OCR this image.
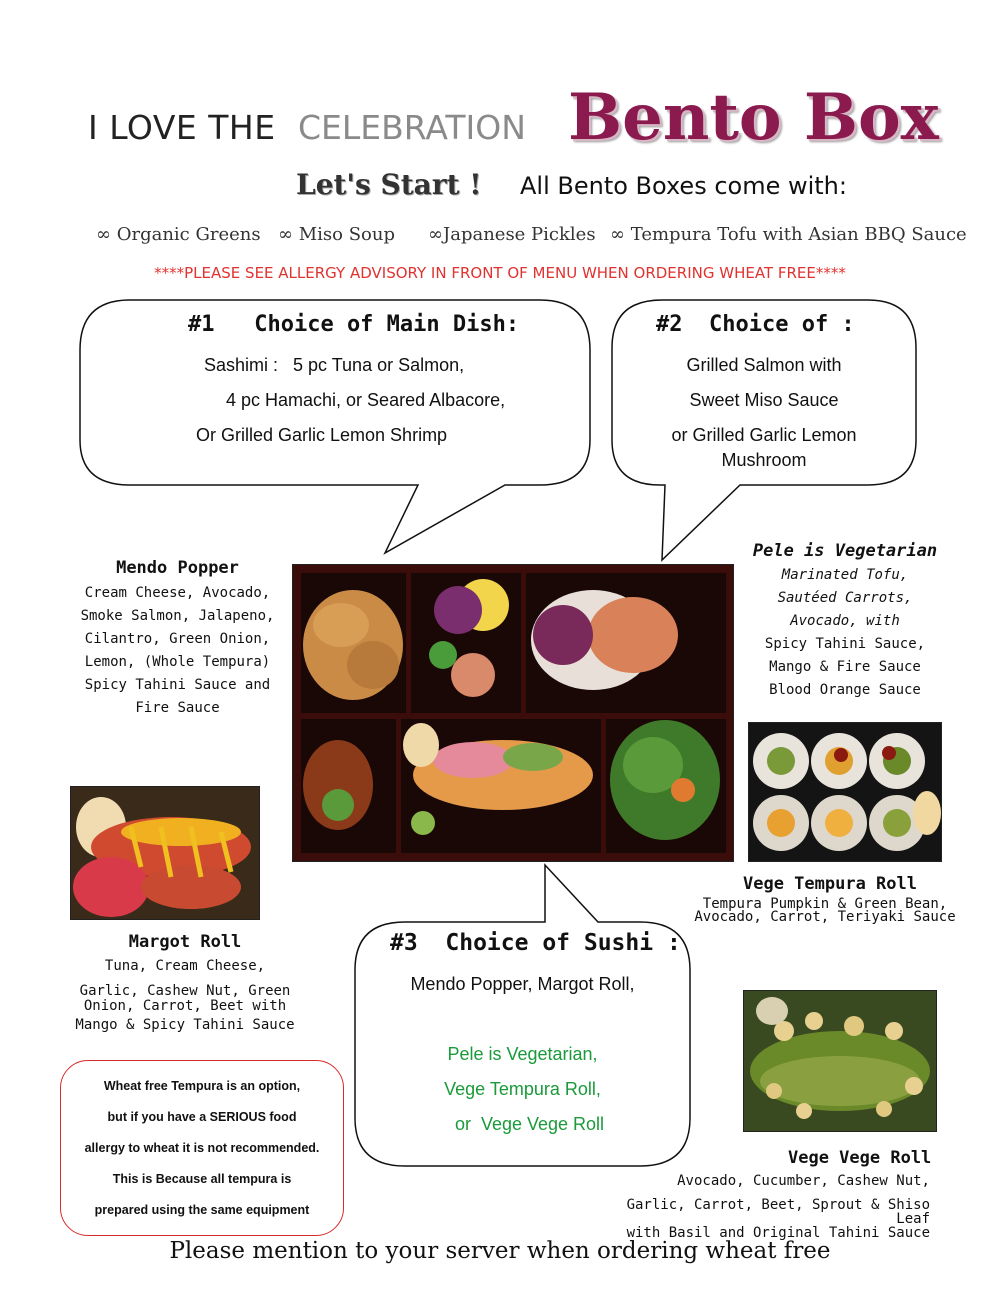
I LOVE THE CELEBRATION Bento Box
Let's Start ! All Bento Boxes come with:
∞ Organic Greens ∞ Miso Soup ∞Japanese Pickles ∞ Tempura Tofu with Asian BBQ Sauce
****PLEASE SEE ALLERGY ADVISORY IN FRONT OF MENU WHEN ORDERING WHEAT FREE****
#1   Choice of Main Dish:
Sashimi :   5 pc Tuna or Salmon,
4 pc Hamachi, or Seared Albacore,
Or Grilled Garlic Lemon Shrimp
#2  Choice of :
Grilled Salmon with
Sweet Miso Sauce
or Grilled Garlic Lemon
Mushroom
#3  Choice of Sushi :
Mendo Popper, Margot Roll,
Pele is Vegetarian,
Vege Tempura Roll,
or  Vege Vege Roll
Mendo Popper
Cream Cheese, Avocado,
Smoke Salmon, Jalapeno,
Cilantro, Green Onion,
Lemon, (Whole Tempura)
Spicy Tahini Sauce and
Fire Sauce
Pele is Vegetarian
Marinated Tofu,
Sautéed Carrots,
Avocado, with
Spicy Tahini Sauce,
Mango & Fire Sauce
Blood Orange Sauce
Vege Tempura Roll
Tempura Pumpkin & Green Bean,
Avocado, Carrot, Teriyaki Sauce
Margot Roll
Tuna, Cream Cheese,
Garlic, Cashew Nut, Green
Onion, Carrot, Beet with
Mango & Spicy Tahini Sauce
Vege Vege Roll
Avocado, Cucumber, Cashew Nut,
Garlic, Carrot, Beet, Sprout & Shiso Leaf
with Basil and Original Tahini Sauce
Wheat free Tempura is an option,
but if you have a SERIOUS food
allergy to wheat it is not recommended.
This is Because all tempura is
prepared using the same equipment
Please mention to your server when ordering wheat free
